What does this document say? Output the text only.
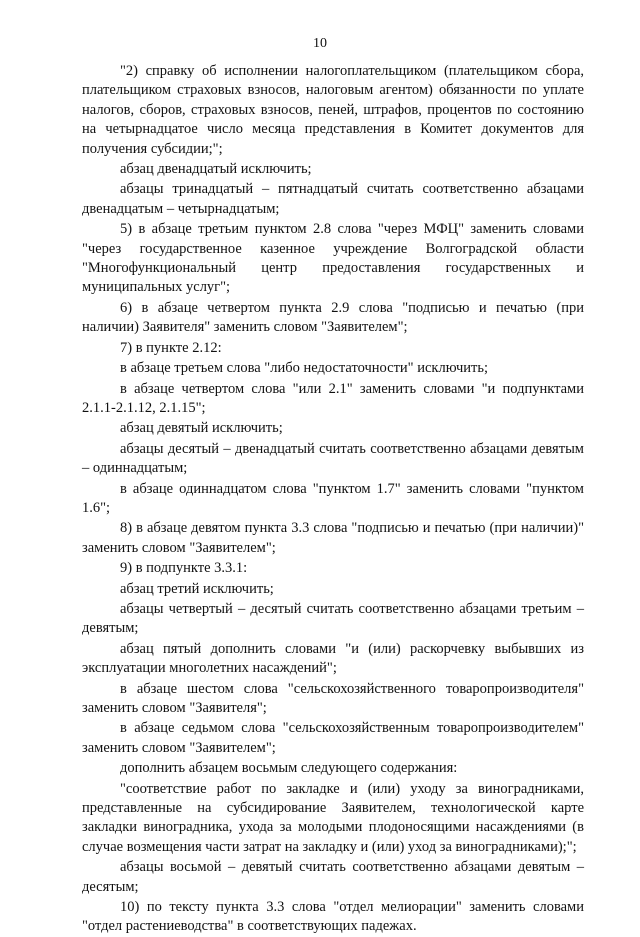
10

"2) справку об исполнении налогоплательщиком (плательщиком сбора, плательщиком страховых взносов, налоговым агентом) обязанности по уплате налогов, сборов, страховых взносов, пеней, штрафов, процентов по состоянию на четырнадцатое число месяца представления в Комитет документов для получения субсидии;";

абзац двенадцатый исключить;

абзацы тринадцатый – пятнадцатый считать соответственно абзацами двенадцатым – четырнадцатым;

5) в абзаце третьим пунктом 2.8 слова "через МФЦ" заменить словами "через государственное казенное учреждение Волгоградской области "Многофункциональный центр предоставления государственных и муниципальных услуг";

6) в абзаце четвертом пункта 2.9 слова "подписью и печатью (при наличии) Заявителя" заменить словом "Заявителем";

7) в пункте 2.12:

в абзаце третьем слова "либо недостаточности" исключить;

в абзаце четвертом слова "или 2.1" заменить словами "и подпунктами 2.1.1-2.1.12, 2.1.15";

абзац девятый исключить;

абзацы десятый – двенадцатый считать соответственно абзацами девятым – одиннадцатым;

в абзаце одиннадцатом слова "пунктом 1.7" заменить словами "пунктом 1.6";

8) в абзаце девятом пункта 3.3 слова "подписью и печатью (при наличии)" заменить словом "Заявителем";

9) в подпункте 3.3.1:

абзац третий исключить;

абзацы четвертый – десятый считать соответственно абзацами третьим – девятым;

абзац пятый дополнить словами "и (или) раскорчевку выбывших из эксплуатации многолетних насаждений";

в абзаце шестом слова "сельскохозяйственного товаропроизводителя" заменить словом "Заявителя";

в абзаце седьмом слова "сельскохозяйственным товаропроизводителем" заменить словом "Заявителем";

дополнить абзацем восьмым следующего содержания:

"соответствие работ по закладке и (или) уходу за виноградниками, представленные на субсидирование Заявителем, технологической карте закладки виноградника, ухода за молодыми плодоносящими насаждениями (в случае возмещения части затрат на закладку и (или) уход за виноградниками);";

абзацы восьмой – девятый считать соответственно абзацами девятым – десятым;

10) по тексту пункта 3.3 слова "отдел мелиорации" заменить словами "отдел растениеводства" в соответствующих падежах.
